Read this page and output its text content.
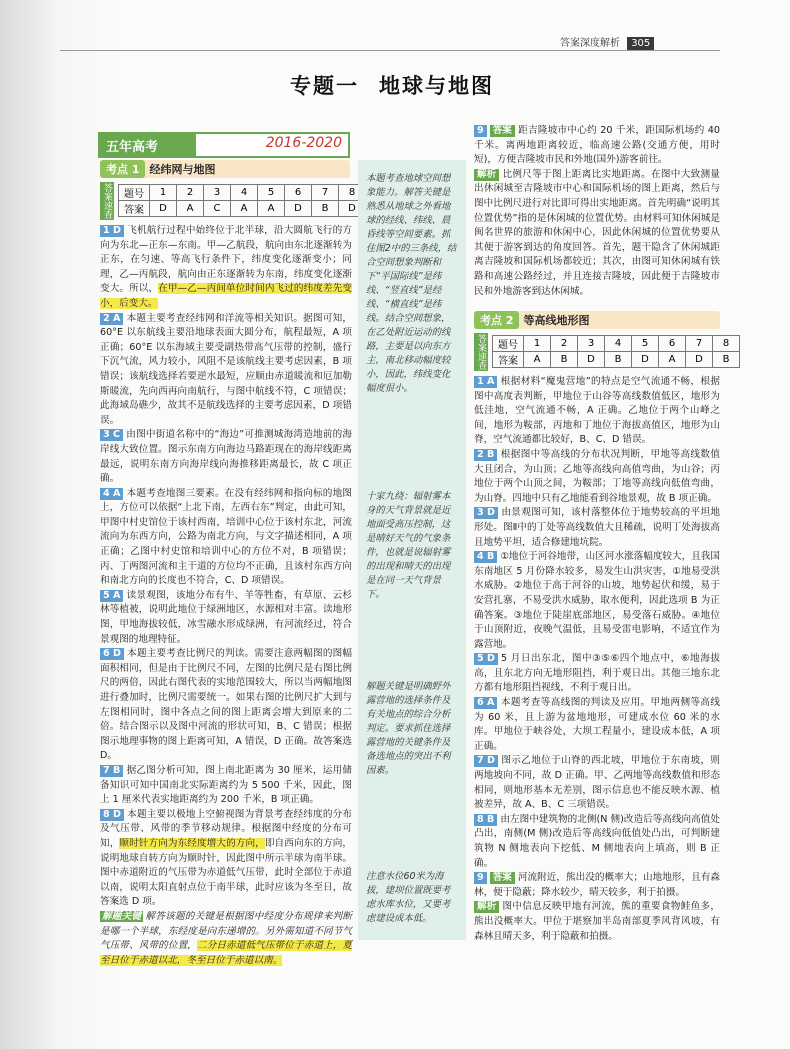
答案深度解析 305
专题一 地球与地图
五年高考	2016-2020
考点 1 经纬网与地图
答案速查 题号	1	2	3	4	5	6	7	8
答案	D	A	C	A	A	D	B	D

1 D 飞机航行过程中始终位于北半球，沿大圆航飞行的方向为东北—正东—东南。甲—乙航段，航向由东北逐渐转为正东，在匀速、等高飞行条件下，纬度变化逐渐变小；同理，乙—丙航段，航向由正东逐渐转为东南，纬度变化逐渐变大。所以，在甲—乙—丙间单位时间内飞过的纬度差先变小，后变大。

2 A 本题主要考查经纬网和洋流等相关知识。据图可知，60°E 以东航线主要沿地球表面大圆分布，航程最短，A 项正确；60°E 以东海域主要受副热带高气压带的控制，盛行下沉气流，风力较小，风阻不是该航线主要考虑因素，B 项错误；该航线选择若要逆水最短，应顺由赤道暖流和厄加勒斯暖流，先向西再向南航行，与图中航线不符，C 项错误；此海域岛礁少，故其不是航线选择的主要考虑因素，D 项错误。

3 C 由图中街道名称中的“海边”可推测城海湾造地前的海岸线大致位置。图示东南方向海边马路距现在的海岸线距离最远，说明东南方向海岸线向海推移距离最长，故 C 项正确。

4 A 本题考查地图三要素。在没有经纬网和指向标的地图上，方位可以依据“上北下南，左西右东”判定，由此可知，甲图中村史馆位于该村西南，培训中心位于该村东北，河流流向为东西方向，公路为南北方向，与文字描述相同，A 项正确；乙图中村史馆和培训中心的方位不对，B 项错误；丙、丁两图河流和主干道的方位均不正确，且该村东西方向和南北方向的长度也不符合，C、D 项错误。

5 A 读景观图，该地分布有牛、羊等牲畜，有草原、云杉林等植被，说明此地位于绿洲地区，水源相对丰富。读地形图，甲地海拔较低，冰雪融水形成绿洲，有河流经过，符合景观图的地理特征。

6 D 本题主要考查比例尺的判读。需要注意两幅图的图幅面积相同，但是由于比例尺不同，左图的比例尺是右图比例尺的两倍，因此右图代表的实地范围较大，所以当两幅地图进行叠加时，比例尺需要统一。如果右图的比例尺扩大到与左图相同时，图中各点之间的图上距离会增大到原来的二倍。结合图示以及图中河流的形状可知，B、C 错误；根据图示地理事物的图上距离可知，A 错误，D 正确。故答案选 D。

7 B 据乙图分析可知，图上南北距离为 30 厘米，运用储备知识可知中国南北实际距离约为 5 500 千米，因此，图上 1 厘米代表实地距离约为 200 千米，B 项正确。

8 D 本题主要以极地上空俯视图为背景考查经纬度的分布及气压带、风带的季节移动规律。根据图中经度的分布可知，顺时针方向为东经度增大的方向，即自西向东的方向，说明地球自转方向为顺时针，因此图中所示半球为南半球。图中赤道附近的气压带为赤道低气压带，此时全部位于赤道以南，说明太阳直射点位于南半球，此时应该为冬至日，故答案选 D 项。

解题关键 解答该题的关键是根据图中经度分布规律来判断是哪一个半球，东经度是向东递增的。另外需知道不同节气气压带、风带的位置，二分日赤道低气压带位于赤道上，夏至日位于赤道以北，冬至日位于赤道以南。

本题考查地球空间想象能力。解答关键是熟悉从地球之外看地球的经线、纬线、晨昏线等空间要素。抓住图2中的三条线，结合空间想象判断和下“平国际线”是纬线、“竖直线”是经线、“横直线”是纬线。结合空间想象，在乙处附近运动的线路，主要是以向东方主，南北移动幅度较小，因此，纬线变化幅度很小。
十家九绕：辐射雾本身的天气背景就是近地面受高压控制，这是晴好天气的气象条件，也就是说辐射雾的出现和晴天的出现是在同一天气背景下。
解题关键是明确野外露营地的选择条件及有关地点的综合分析判定。要求抓住选择露营地的关键条件及备选地点的突出不利因素。
注意水位60米为海拔，建坝位置既要考虑水库水位，又要考虑建设成本低。

9 答案 距吉隆坡市中心约 20 千米，距国际机场约 40 千米。离两地距离较近，临高速公路(交通方便，用时短)，方便吉隆坡市民和外地(国外)游客前往。

解析 比例尺等于图上距离比实地距离。在图中大致测量出休闲城至吉隆坡市中心和国际机场的图上距离，然后与图中比例尺进行对比即可得出实地距离。首先明确“说明其位置优势”指的是休闲城的位置优势。由材料可知休闲城是闽名世界的旅游和休闲中心，因此休闲城的位置优势要从其便于游客到达的角度回答。首先，题干隐含了休闲城距离吉隆坡和国际机场都较近；其次，由图可知休闲城有铁路和高速公路经过，并且连接吉隆坡，因此便于吉隆坡市民和外地游客到达休闲城。

考点 2 等高线地形图
答案速查 题号	1	2	3	4	5	6	7	8
答案	A	B	D	B	D	A	D	B

1 A 根据材料“魔鬼营地”的特点是空气流通不畅，根据图中高度表判断，甲地位于山谷等高线数值低区，地形为低洼地，空气流通不畅，A 正确。乙地位于两个山峰之间，地形为鞍部，丙地和丁地位于海拔高值区，地形为山脊，空气流通都比较好，B、C、D 错误。

2 B 根据图中等高线的分布状况判断，甲地等高线数值大且闭合，为山顶；乙地等高线向高值弯曲，为山谷；丙地位于两个山顶之间，为鞍部；丁地等高线向低值弯曲，为山脊。四地中只有乙地能看到谷地景观，故 B 项正确。

3 D 由景观图可知，该村落整体位于地势较高的平坦地形处。图Ⅱ中的丁处等高线数值大且稀疏，说明丁处海拔高且地势平坦，适合修建地坑院。

4 B ①地位于河谷地带，山区河水涨落幅度较大，且我国东南地区 5 月份降水较多，易发生山洪灾害，①地易受洪水威胁。②地位于高于河谷的山坡，地势起伏和缓，易于安营扎寨，不易受洪水威胁，取水便利，因此选项 B 为正确答案。③地位于陡崖底部地区，易受落石威胁。④地位于山顶附近，夜晚气温低，且易受雷电影响，不适宜作为露营地。

5 D 5 月日出东北，图中③⑤⑥四个地点中，⑥地海拔高，且东北方向无地形阻挡，利于观日出。其他三地东北方都有地形阻挡视线，不利于观日出。

6 A 本题考查等高线图的判读及应用。甲地两侧等高线为 60 米，且上游为盆地地形，可建成水位 60 米的水库。甲地位于峡谷处，大坝工程量小，建设成本低，A 项正确。

7 D 图示乙地位于山脊的西北坡，甲地位于东南坡，则两地坡向不同，故 D 正确。甲、乙两地等高线数值和形态相同，则地形基本无差别，图示信息也不能反映水源、植被差异，故 A、B、C 三项错误。

8 B 由左图中建筑物的北侧(N 侧)改造后等高线向高值处凸出，南侧(M 侧)改造后等高线向低值处凸出，可判断建筑物 N 侧地表向下挖低、M 侧地表向上填高，则 B 正确。

9 答案 河流附近，熊出没的概率大；山地地形，且有森林，便于隐蔽；降水较少，晴天较多，利于拍摄。

解析 图中信息反映甲地有河流，熊的重要食物鲑鱼多，熊出没概率大。甲位于堪察加半岛南部夏季风背风坡，有森林且晴天多，利于隐蔽和拍摄。
